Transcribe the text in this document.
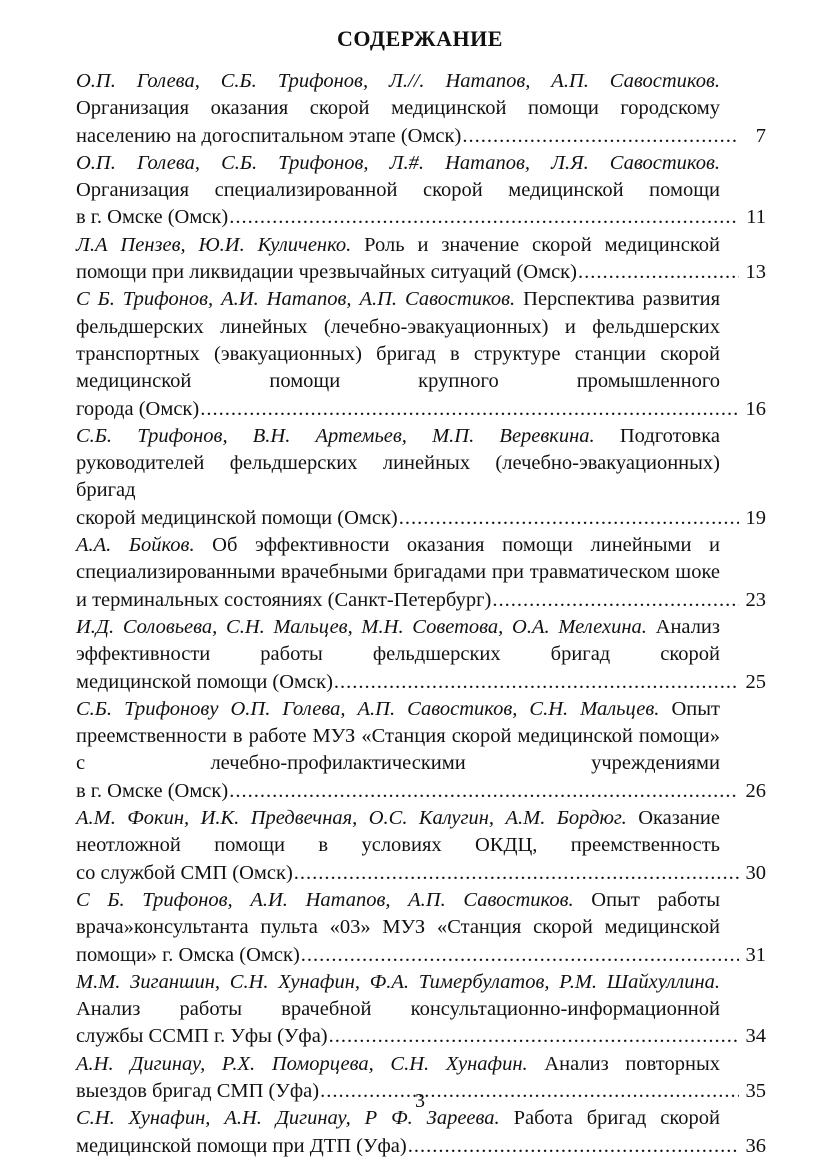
СОДЕРЖАНИЕ
О.П. Голева, С.Б. Трифонов, Л.//. Натапов, А.П. Савостиков. Организация оказания скорой медицинской помощи городскому
населению на догоспитальном этапе (Омск) .....	7
О.П. Голева, С.Б. Трифонов, Л.#. Натапов, Л.Я. Савостиков. Организация специализированной скорой медицинской помощи
в г. Омске (Омск) .....	11
Л.А Пензев, Ю.И. Куличенко. Роль и значение скорой медицинской
помощи при ликвидации чрезвычайных ситуаций (Омск) .....	13
С Б. Трифонов, А.И. Натапов, А.П. Савостиков. Перспектива развития фельдшерских линейных (лечебно-эвакуационных) и фельдшерских транспортных (эвакуационных) бригад в структуре станции скорой медицинской помощи крупного промышленного
города (Омск) .....	16
С.Б. Трифонов, В.Н. Артемьев, М.П. Веревкина. Подготовка руководителей фельдшерских линейных (лечебно-эвакуационных) бригад
скорой медицинской помощи (Омск) .....	19
А.А. Бойков. Об эффективности оказания помощи линейными и специализированными врачебными бригадами при травматическом шоке
и терминальных состояниях (Санкт-Петербург) .....	23
И.Д. Соловьева, С.Н. Мальцев, М.Н. Советова, О.А. Мелехина. Анализ эффективности работы фельдшерских бригад скорой
медицинской помощи (Омск) .....	25
С.Б. Трифонову О.П. Голева, А.П. Савостиков, С.Н. Мальцев. Опыт преемственности в работе МУЗ «Станция скорой медицинской помощи» с лечебно-профилактическими учреждениями
в г. Омске (Омск) .....	26
А.М. Фокин, И.К. Предвечная, О.С. Калугин, А.М. Бордюг. Оказание неотложной помощи в условиях ОКДЦ, преемственность
со службой СМП (Омск) .....	30
С Б. Трифонов, А.И. Натапов, А.П. Савостиков. Опыт работы врача»консультанта пульта «03» МУЗ «Станция скорой медицинской
помощи» г. Омска (Омск) .....	31
М.М. Зиганшин, С.Н. Хунафин, Ф.А. Тимербулатов, Р.М. Шайхуллина. Анализ работы врачебной консультационно-информационной
службы ССМП г. Уфы (Уфа) .....	34
А.Н. Дигинау, Р.Х. Поморцева, С.Н. Хунафин. Анализ повторных
выездов бригад СМП (Уфа) .....	35
С.Н. Хунафин, А.Н. Дигинау, Р Ф. Зареева. Работа бригад скорой
медицинской помощи при ДТП (Уфа) .....	36
3
